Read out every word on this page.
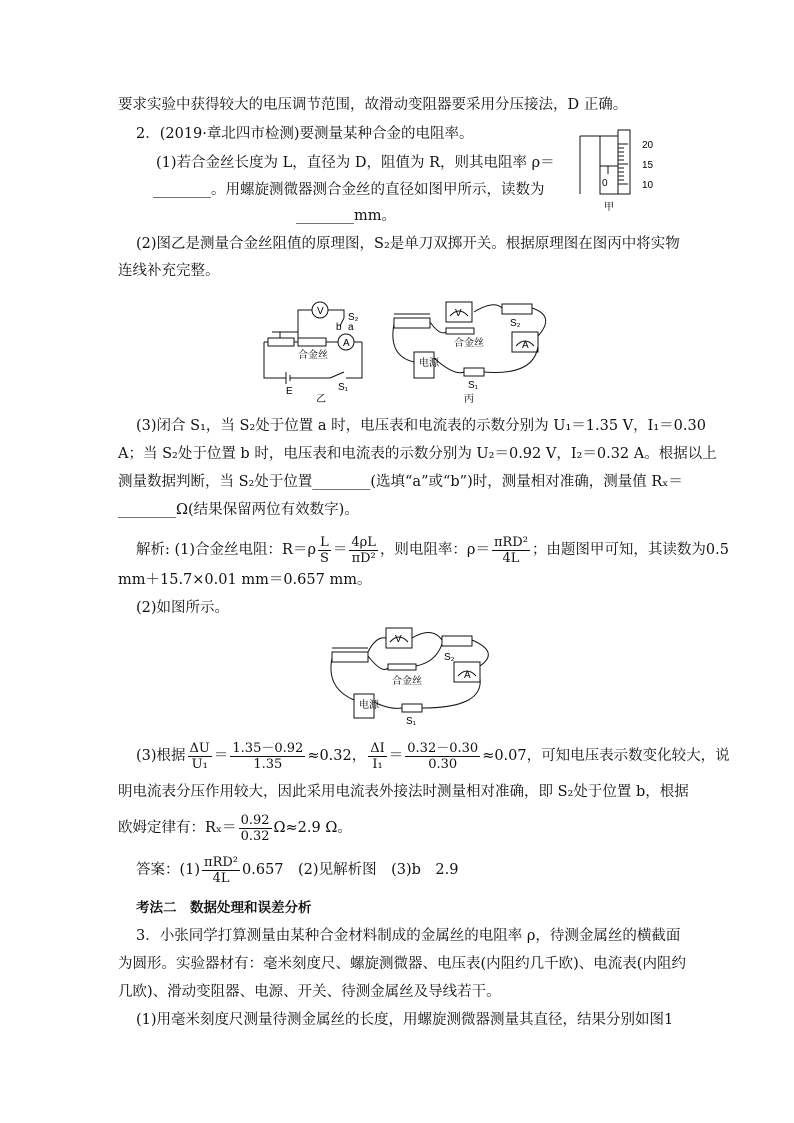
要求实验中获得较大的电压调节范围，故滑动变阻器要采用分压接法，D 正确。
2．(2019·章北四市检测)要测量某种合金的电阻率。
(1)若合金丝长度为 L，直径为 D，阻值为 R，则其电阻率 ρ＝
________。用螺旋测微器测合金丝的直径如图甲所示，读数为
________mm。
(2)图乙是测量合金丝阻值的原理图，S₂是单刀双掷开关。根据原理图在图丙中将实物
连线补充完整。
20
15
10
0
甲
V
A
S₂
a
b
合金丝
E	S₁
乙
V
A
S₂
合金丝
电源
S₁
丙
(3)闭合 S₁，当 S₂处于位置 a 时，电压表和电流表的示数分别为 U₁＝1.35 V，I₁＝0.30
A；当 S₂处于位置 b 时，电压表和电流表的示数分别为 U₂＝0.92 V，I₂＝0.32 A。根据以上
测量数据判断，当 S₂处于位置________(选填“a”或“b”)时，测量相对准确，测量值 Rₓ＝
________Ω(结果保留两位有效数字)。
解析: (1)合金丝电阻：$R=\rho \frac{L}{S} = \frac{4\rho L}{\text{πD²}}$ ，则电阻率：$\rho= \frac{\text{πRD²}}{4L}$ ；由题图甲可知，其读数为0.5
mm＋15.7×0.01 mm＝0.657 mm。
(2)如图所示。
V
A
S₂
合金丝
电源
S₁
(3)根据 $\frac{\Delta U}{\text{U₁}} = \frac{1.35-0.92}{1.35} \approx 0.32$， $\frac{\Delta I}{\text{I₁}} = \frac{0.32-0.30}{0.30} \approx 0.07$，可知电压表示数变化较大，说
明电流表分压作用较大，因此采用电流表外接法时测量相对准确，即 S₂处于位置 b，根据
欧姆定律有：$R_x= \frac{0.92}{0.32} \Omega\approx 2.9$ Ω。
答案：$(1) \frac{\text{πRD²}}{4L} 0.657$　(2)见解析图　(3)b　2.9
考法二　数据处理和误差分析
3．小张同学打算测量由某种合金材料制成的金属丝的电阻率 ρ，待测金属丝的横截面
为圆形。实验器材有：毫米刻度尺、螺旋测微器、电压表(内阻约几千欧)、电流表(内阻约
几欧)、滑动变阻器、电源、开关、待测金属丝及导线若干。
(1)用毫米刻度尺测量待测金属丝的长度，用螺旋测微器测量其直径，结果分别如图1
